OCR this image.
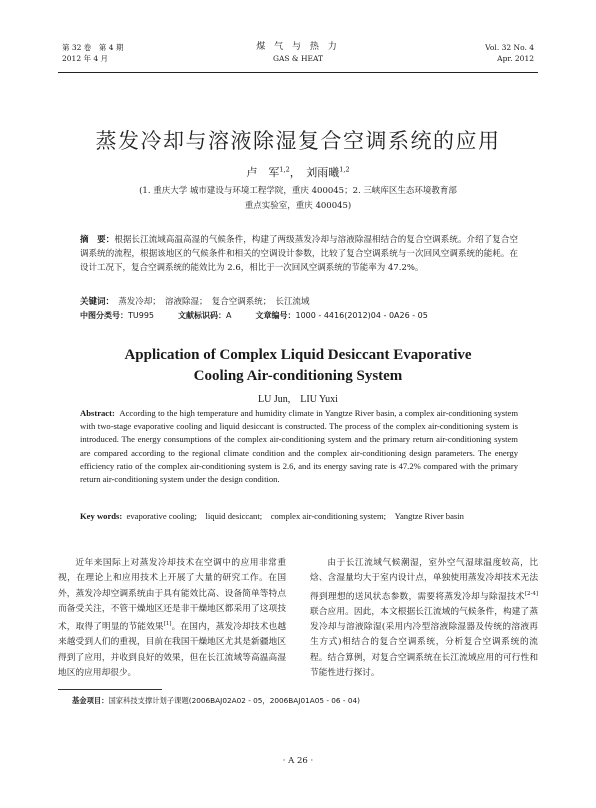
第 32 卷　第 4 期
2012 年 4 月
煤 气 与 热 力
GAS & HEAT
Vol. 32 No. 4
Apr. 2012
蒸发冷却与溶液除湿复合空调系统的应用
卢　军$^{1,2}$，　刘雨曦$^{1,2}$
(1. 重庆大学 城市建设与环境工程学院，重庆 400045；2. 三峡库区生态环境教育部
重点实验室，重庆 400045)
摘　要：根据长江流域高温高湿的气候条件，构建了两级蒸发冷却与溶液除湿相结合的复合空调系统。介绍了复合空调系统的流程，根据该地区的气候条件和相关的空调设计参数，比较了复合空调系统与一次回风空调系统的能耗。在设计工况下，复合空调系统的能效比为 2.6，相比于一次回风空调系统的节能率为 47.2%。
关键词：　 蒸发冷却；　溶液除湿；　复合空调系统；　长江流域
中图分类号：TU995	文献标识码：A	文章编号：1000 - 4416(2012)04 - 0A26 - 05
Application of Complex Liquid Desiccant Evaporative
Cooling Air-conditioning System
LU Jun,　LIU Yuxi
Abstract: According to the high temperature and humidity climate in Yangtze River basin, a complex air-conditioning system with two-stage evaporative cooling and liquid desiccant is constructed. The process of the complex air-conditioning system is introduced. The energy consumptions of the complex air-conditioning system and the primary return air-conditioning system are compared according to the regional climate condition and the complex air-conditioning design parameters. The energy efficiency ratio of the complex air-conditioning system is 2.6, and its energy saving rate is 47.2% compared with the primary return air-conditioning system under the design condition.
Key words: evaporative cooling;　liquid desiccant;　complex air-conditioning system;　Yangtze River basin

近年来国际上对蒸发冷却技术在空调中的应用非常重视，在理论上和应用技术上开展了大量的研究工作。在国外，蒸发冷却空调系统由于具有能效比高、设备简单等特点而备受关注，不管干燥地区还是非干燥地区都采用了这项技术，取得了明显的节能效果[1]。在国内，蒸发冷却技术也越来越受到人们的重视，目前在我国干燥地区尤其是新疆地区得到了应用，并收到良好的效果，但在长江流域等高温高湿地区的应用却很少。

由于长江流域气候潮湿，室外空气湿球温度较高，比焓、含湿量均大于室内设计点，单独使用蒸发冷却技术无法得到理想的送风状态参数，需要将蒸发冷却与除湿技术[2-4]联合应用。因此，本文根据长江流域的气候条件，构建了蒸发冷却与溶液除湿(采用内冷型溶液除湿器及传统的溶液再生方式)相结合的复合空调系统，分析复合空调系统的流程。结合算例，对复合空调系统在长江流域应用的可行性和节能性进行探讨。

基金项目：国家科技支撑计划子课题(2006BAJ02A02 - 05，2006BAJ01A05 - 06 - 04)
· A 26 ·
